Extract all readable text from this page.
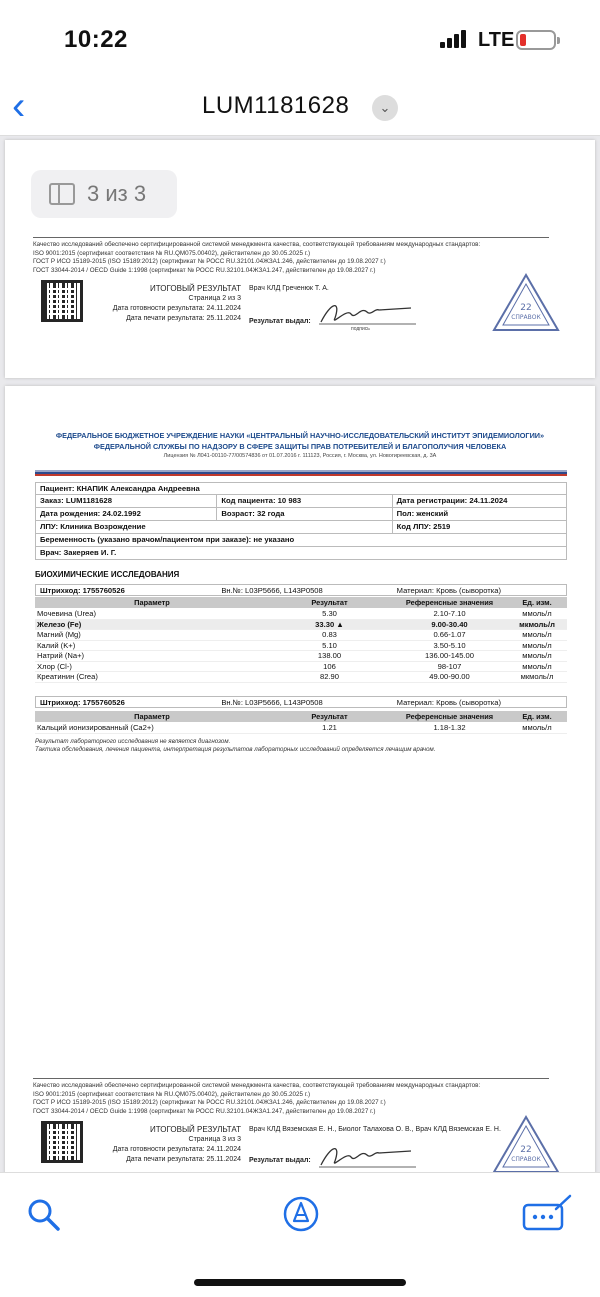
10:22	LTE
‹	LUM1181628	⌄
3 из 3
Качество исследований обеспечено сертифицированной системой менеджмента качества, соответствующей требованиям международных стандартов:
ISO 9001:2015 (сертификат соответствия № RU.QM075.00402), действителен до 30.05.2025 г.)
ГОСТ Р ИСО 15189-2015 (ISO 15189:2012) (сертификат № РОСС RU.32101.04ЖЗА1.246, действителен до 19.08.2027 г.)
ГОСТ 33044-2014 / OECD Guide 1:1998 (сертификат № РОСС RU.32101.04ЖЗА1.247, действителен до 19.08.2027 г.)
ИТОГОВЫЙ РЕЗУЛЬТАТ
Страница 2 из 3
Дата готовности результата: 24.11.2024
Дата печати результата: 25.11.2024
Врач КЛД Греченюк Т. А.
Результат выдал:
подпись
22
СПРАВОК
ФЕДЕРАЛЬНОЕ БЮДЖЕТНОЕ УЧРЕЖДЕНИЕ НАУКИ «ЦЕНТРАЛЬНЫЙ НАУЧНО-ИССЛЕДОВАТЕЛЬСКИЙ ИНСТИТУТ ЭПИДЕМИОЛОГИИ»
ФЕДЕРАЛЬНОЙ СЛУЖБЫ ПО НАДЗОРУ В СФЕРЕ ЗАЩИТЫ ПРАВ ПОТРЕБИТЕЛЕЙ И БЛАГОПОЛУЧИЯ ЧЕЛОВЕКА
Лицензия № Л041-00110-77/00574836 от 01.07.2016 г. 111123, Россия, г. Москва, ул. Новогиреевская, д. 3А
Пациент: КНАПИК Александра Андреевна
Заказ: LUM1181628	Код пациента: 10 983	Дата регистрации: 24.11.2024
Дата рождения: 24.02.1992	Возраст: 32 года	Пол: женский
ЛПУ: Клиника Возрождение	Код ЛПУ: 2519
Беременность (указано врачом/пациентом при заказе): не указано
Врач: Закеряев И. Г.
БИОХИМИЧЕСКИЕ ИССЛЕДОВАНИЯ
Штрихкод: 1755760526	Вн.№: L03P5666, L143P0508	Материал: Кровь (сыворотка)
Параметр	Результат	Референсные значения	Ед. изм.
Мочевина (Urea)	5.30	2.10-7.10	ммоль/л
Железо (Fe)	33.30 ▲	9.00-30.40	мкмоль/л
Магний (Mg)	0.83	0.66-1.07	ммоль/л
Калий (K+)	5.10	3.50-5.10	ммоль/л
Натрий (Na+)	138.00	136.00-145.00	ммоль/л
Хлор (Cl-)	106	98-107	ммоль/л
Креатинин (Crea)	82.90	49.00-90.00	мкмоль/л
Штрихкод: 1755760526	Вн.№: L03P5666, L143P0508	Материал: Кровь (сыворотка)
Параметр	Результат	Референсные значения	Ед. изм.
Кальций ионизированный (Ca2+)	1.21	1.18-1.32	ммоль/л
Результат лабораторного исследования не является диагнозом.
Тактика обследования, лечения пациента, интерпретация результатов лабораторных исследований определяется лечащим врачом.
Качество исследований обеспечено сертифицированной системой менеджмента качества, соответствующей требованиям международных стандартов:
ISO 9001:2015 (сертификат соответствия № RU.QM075.00402), действителен до 30.05.2025 г.)
ГОСТ Р ИСО 15189-2015 (ISO 15189:2012) (сертификат № РОСС RU.32101.04ЖЗА1.246, действителен до 19.08.2027 г.)
ГОСТ 33044-2014 / OECD Guide 1:1998 (сертификат № РОСС RU.32101.04ЖЗА1.247, действителен до 19.08.2027 г.)
ИТОГОВЫЙ РЕЗУЛЬТАТ
Страница 3 из 3
Дата готовности результата: 24.11.2024
Дата печати результата: 25.11.2024
Врач КЛД Вяземская Е. Н., Биолог Талахова О. В., Врач КЛД Вяземская Е. Н.
Результат выдал:
22
СПРАВОК
